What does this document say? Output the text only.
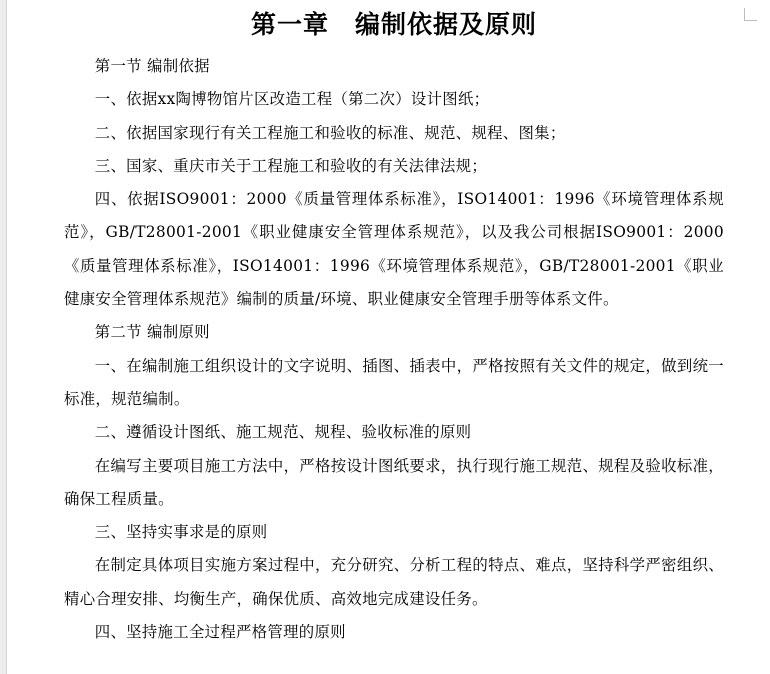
第一章　编制依据及原则

第一节 编制依据

一、依据xx陶博物馆片区改造工程（第二次）设计图纸；

二、依据国家现行有关工程施工和验收的标准、规范、规程、图集；

三、国家、重庆市关于工程施工和验收的有关法律法规；

四、依据ISO9001：2000《质量管理体系标准》，ISO14001：1996《环境管理体系规范》，GB/T28001-2001《职业健康安全管理体系规范》，以及我公司根据ISO9001：2000《质量管理体系标准》，ISO14001：1996《环境管理体系规范》，GB/T28001-2001《职业健康安全管理体系规范》编制的质量/环境、职业健康安全管理手册等体系文件。

第二节 编制原则

一、在编制施工组织设计的文字说明、插图、插表中，严格按照有关文件的规定，做到统一标准，规范编制。

二、遵循设计图纸、施工规范、规程、验收标准的原则

在编写主要项目施工方法中，严格按设计图纸要求，执行现行施工规范、规程及验收标准，确保工程质量。

三、坚持实事求是的原则

在制定具体项目实施方案过程中，充分研究、分析工程的特点、难点，坚持科学严密组织、精心合理安排、均衡生产，确保优质、高效地完成建设任务。

四、坚持施工全过程严格管理的原则
